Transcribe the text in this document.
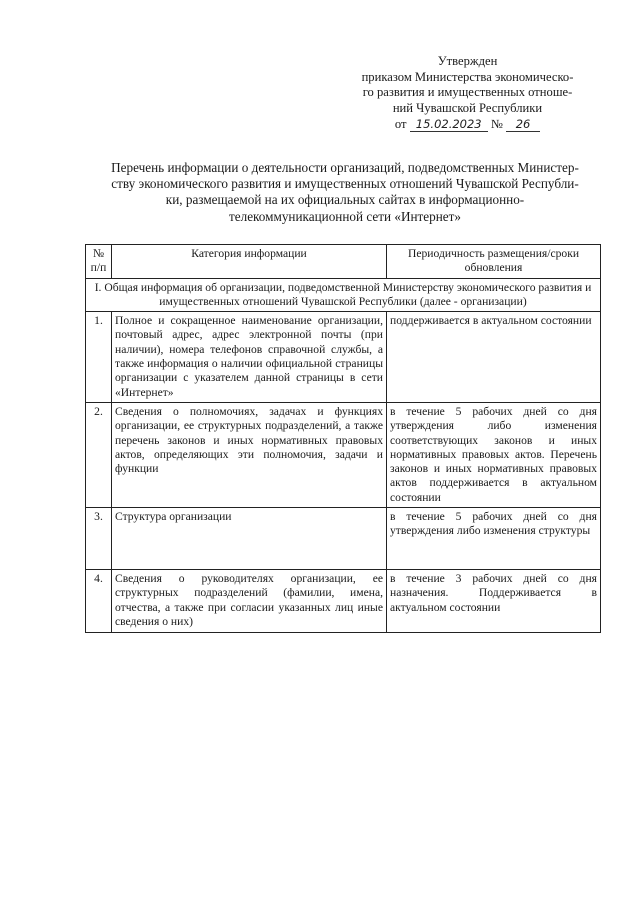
Утвержден
приказом Министерства экономическо-
го развития и имущественных отноше-
ний Чувашской Республики
от 15.02.2023 № 26
Перечень информации о деятельности организаций, подведомственных Министер-
ству экономического развития и имущественных отношений Чувашской Республи-
ки, размещаемой на их официальных сайтах в информационно-
телекоммуникационной сети «Интернет»
№ п/п	Категория информации	Периодичность размещения/сроки обновления
I. Общая информация об организации, подведомственной Министерству экономического развития и имущественных отношений Чувашской Республики (далее - организации)		
1.	Полное и сокращенное наименование организации, почтовый адрес, адрес электронной почты (при наличии), номера телефонов справочной службы, а также информация о наличии официальной страницы организации с указателем данной страницы в сети «Интернет»	поддерживается в актуальном состоянии
2.	Сведения о полномочиях, задачах и функциях организации, ее структурных подразделений, а также перечень законов и иных нормативных правовых актов, определяющих эти полномочия, задачи и функции	в течение 5 рабочих дней со дня утверждения либо изменения соответствующих законов и иных нормативных правовых актов. Перечень законов и иных нормативных правовых актов поддерживается в актуальном состоянии
3.	Структура организации	в течение 5 рабочих дней со дня утверждения либо изменения структуры
4.	Сведения о руководителях организации, ее структурных подразделений (фамилии, имена, отчества, а также при согласии указанных лиц иные сведения о них)	в течение 3 рабочих дней со дня назначения. Поддерживается в актуальном состоянии
